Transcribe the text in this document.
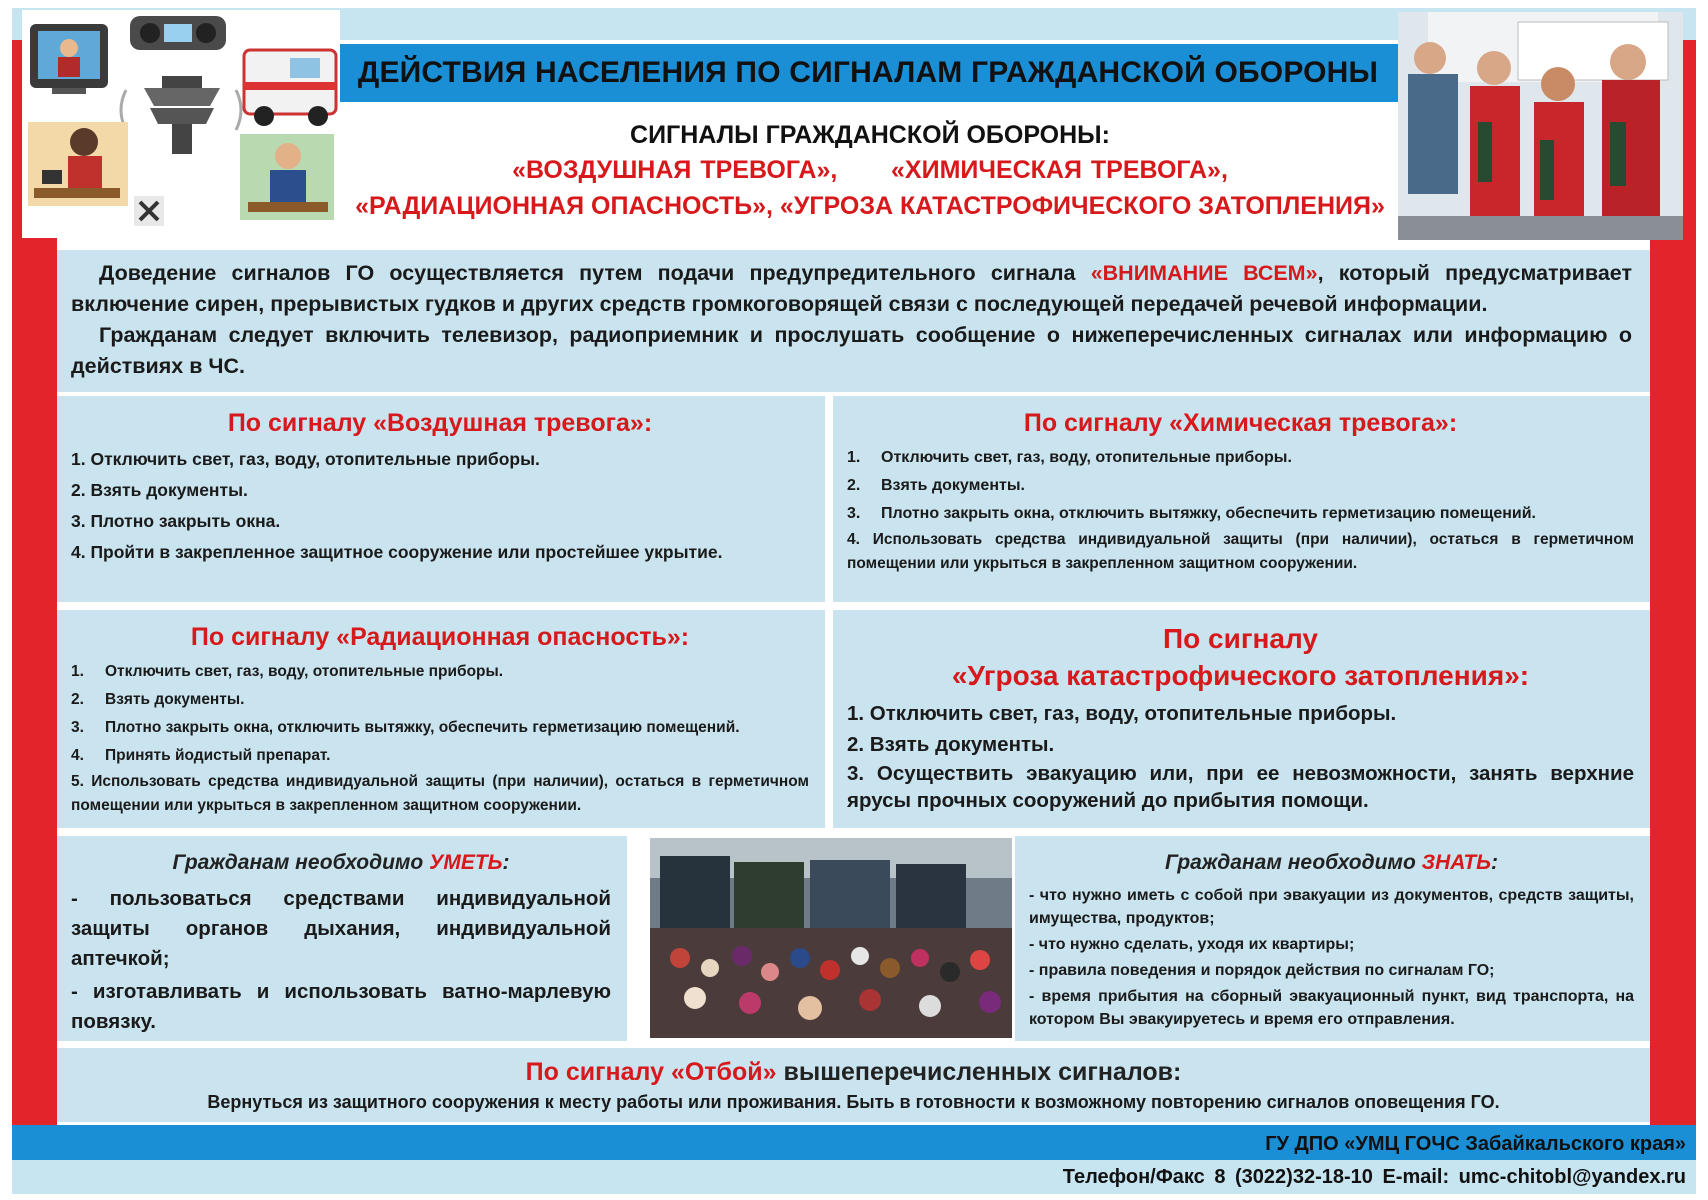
ДЕЙСТВИЯ НАСЕЛЕНИЯ ПО СИГНАЛАМ ГРАЖДАНСКОЙ ОБОРОНЫ
СИГНАЛЫ ГРАЖДАНСКОЙ ОБОРОНЫ:
«ВОЗДУШНАЯ ТРЕВОГА», «ХИМИЧЕСКАЯ ТРЕВОГА»,
«РАДИАЦИОННАЯ ОПАСНОСТЬ», «УГРОЗА КАТАСТРОФИЧЕСКОГО ЗАТОПЛЕНИЯ»

Доведение сигналов ГО осуществляется путем подачи предупредительного сигнала «ВНИМАНИЕ ВСЕМ», который предусматривает включение сирен, прерывистых гудков и других средств громкоговорящей связи с последующей передачей речевой информации.

Гражданам следует включить телевизор, радиоприемник и прослушать сообщение о нижеперечисленных сигналах или информацию о действиях в ЧС.

По сигналу «Воздушная тревога»:
1. Отключить свет, газ, воду, отопительные приборы.
2. Взять документы.
3. Плотно закрыть окна.
4. Пройти в закрепленное защитное сооружение или простейшее укрытие.
По сигналу «Химическая тревога»:
1. Отключить свет, газ, воду, отопительные приборы.
2. Взять документы.
3. Плотно закрыть окна, отключить вытяжку, обеспечить герметизацию помещений.
4. Использовать средства индивидуальной защиты (при наличии), остаться в герметичном помещении или укрыться в закрепленном защитном сооружении.
По сигналу «Радиационная опасность»:
1. Отключить свет, газ, воду, отопительные приборы.
2. Взять документы.
3. Плотно закрыть окна, отключить вытяжку, обеспечить герметизацию помещений.
4. Принять йодистый препарат.
5. Использовать средства индивидуальной защиты (при наличии), остаться в герметичном помещении или укрыться в закрепленном защитном сооружении.
По сигналу
«Угроза катастрофического затопления»:
1. Отключить свет, газ, воду, отопительные приборы.
2. Взять документы.
3. Осуществить эвакуацию или, при ее невозможности, занять верхние ярусы прочных сооружений до прибытия помощи.
Гражданам необходимо УМЕТЬ:
- пользоваться средствами индивидуальной защиты органов дыхания, индивидуальной аптечкой;
- изготавливать и использовать ватно-марлевую повязку.
Гражданам необходимо ЗНАТЬ:
- что нужно иметь с собой при эвакуации из документов, средств защиты, имущества, продуктов;
- что нужно сделать, уходя их квартиры;
- правила поведения и порядок действия по сигналам ГО;
- время прибытия на сборный эвакуационный пункт, вид транспорта, на котором Вы эвакуируетесь и время его отправления.
По сигналу «Отбой» вышеперечисленных сигналов:

Вернуться из защитного сооружения к месту работы или проживания. Быть в готовности к возможному повторению сигналов оповещения ГО.

ГУ ДПО «УМЦ ГОЧС Забайкальского края»
Телефон/Факс 8 (3022)32-18-10 E-mail: umc-chitobl@yandex.ru
